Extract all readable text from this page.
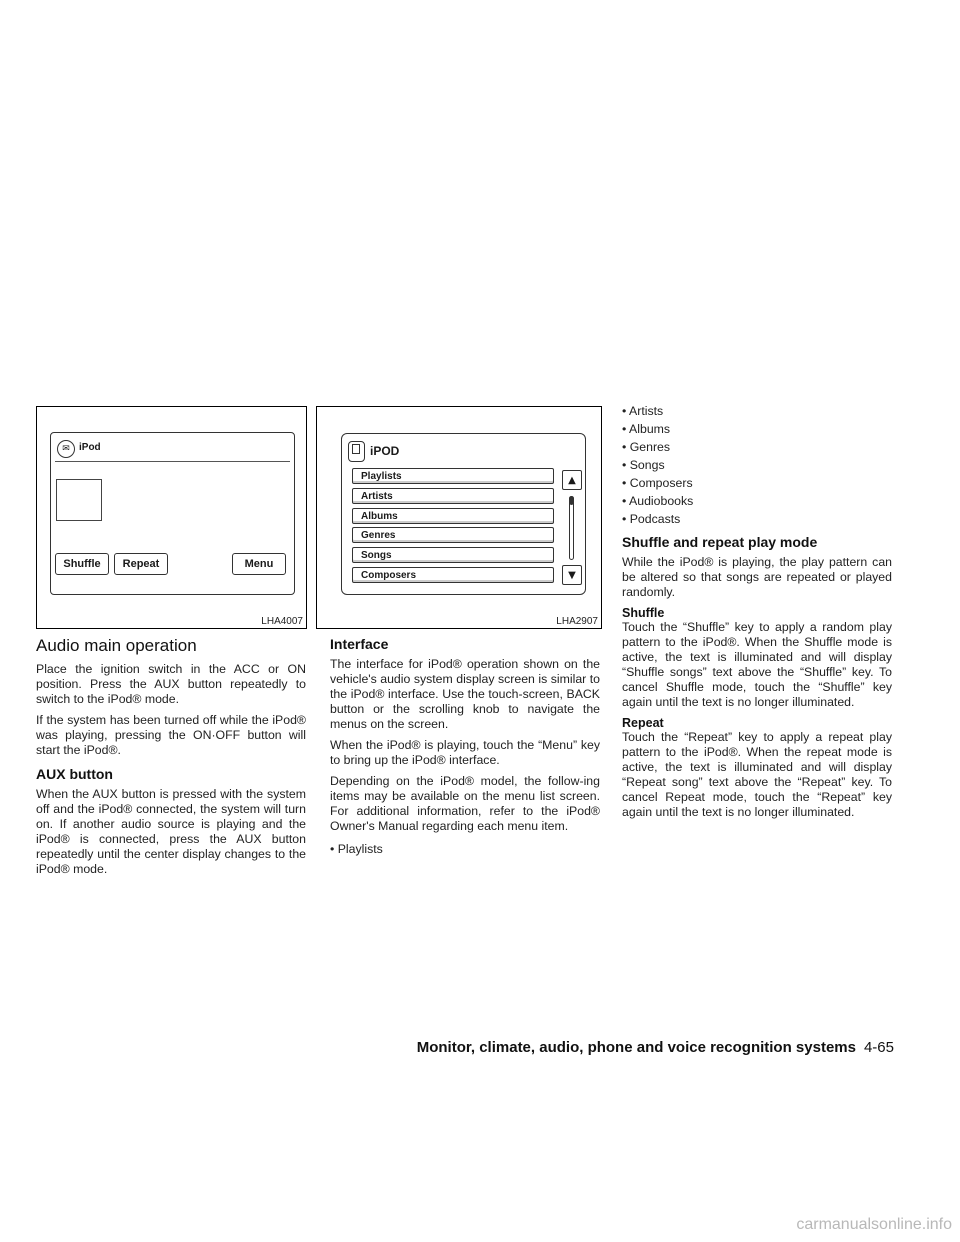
✉ iPod
Shuffle	Repeat	Menu
LHA4007
iPOD
Playlists
Artists
Albums
Genres
Songs
Composers
▲
▼
LHA2907
Audio main operation

Place the ignition switch in the ACC or ON position. Press the AUX button repeatedly to switch to the iPod® mode.

If the system has been turned off while the iPod® was playing, pressing the ON·OFF button will start the iPod®.

AUX button

When the AUX button is pressed with the system off and the iPod® connected, the system will turn on. If another audio source is playing and the iPod® is connected, press the AUX button repeatedly until the center display changes to the iPod® mode.

Interface

The interface for iPod® operation shown on the vehicle's audio system display screen is similar to the iPod® interface. Use the touch-screen, BACK button or the scrolling knob to navigate the menus on the screen.

When the iPod® is playing, touch the “Menu” key to bring up the iPod® interface.

Depending on the iPod® model, the follow-ing items may be available on the menu list screen. For additional information, refer to the iPod® Owner's Manual regarding each menu item.

• Playlists
• Artists
• Albums
• Genres
• Songs
• Composers
• Audiobooks
• Podcasts
Shuffle and repeat play mode

While the iPod® is playing, the play pattern can be altered so that songs are repeated or played randomly.

Shuffle

Touch the “Shuffle” key to apply a random play pattern to the iPod®. When the Shuffle mode is active, the text is illuminated and will display “Shuffle songs” text above the “Shuffle” key. To cancel Shuffle mode, touch the “Shuffle” key again until the text is no longer illuminated.

Repeat

Touch the “Repeat” key to apply a repeat play pattern to the iPod®. When the repeat mode is active, the text is illuminated and will display “Repeat song” text above the “Repeat” key. To cancel Repeat mode, touch the “Repeat” key again until the text is no longer illuminated.

Monitor, climate, audio, phone and voice recognition systems 4-65
carmanualsonline.info
